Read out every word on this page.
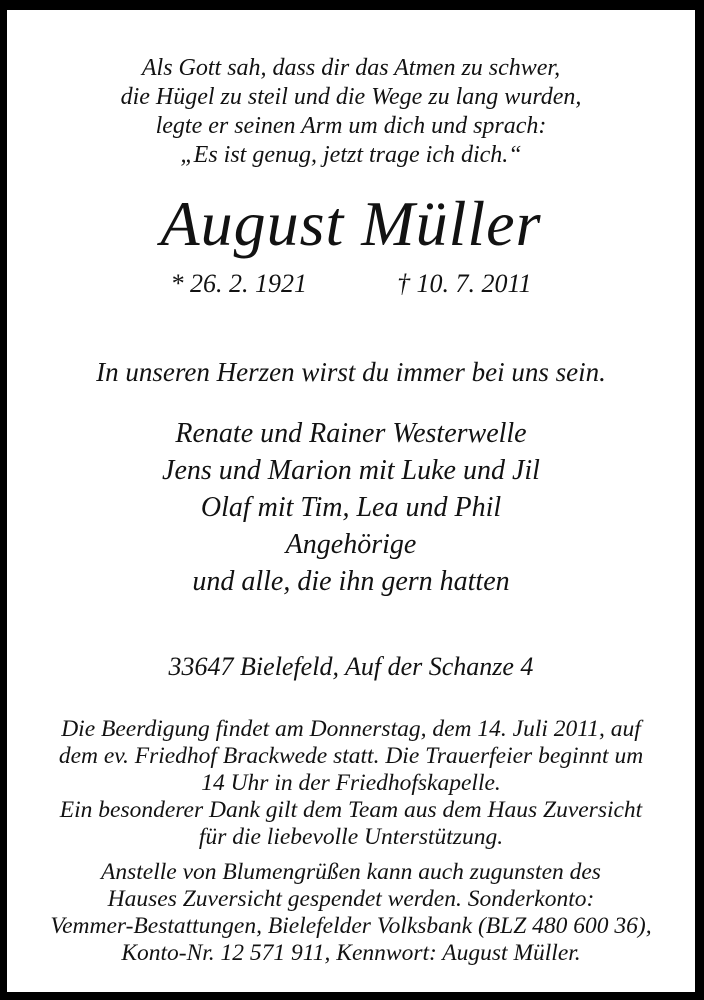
Als Gott sah, dass dir das Atmen zu schwer,
die Hügel zu steil und die Wege zu lang wurden,
legte er seinen Arm um dich und sprach:
„Es ist genug, jetzt trage ich dich.“
August Müller
* 26. 2. 1921	† 10. 7. 2011
In unseren Herzen wirst du immer bei uns sein.
Renate und Rainer Westerwelle
Jens und Marion mit Luke und Jil
Olaf mit Tim, Lea und Phil
Angehörige
und alle, die ihn gern hatten
33647 Bielefeld, Auf der Schanze 4
Die Beerdigung findet am Donnerstag, dem 14. Juli 2011, auf
dem ev. Friedhof Brackwede statt. Die Trauerfeier beginnt um
14 Uhr in der Friedhofskapelle.
Ein besonderer Dank gilt dem Team aus dem Haus Zuversicht
für die liebevolle Unterstützung.
Anstelle von Blumengrüßen kann auch zugunsten des
Hauses Zuversicht gespendet werden. Sonderkonto:
Vemmer-Bestattungen, Bielefelder Volksbank (BLZ 480 600 36),
Konto-Nr. 12 571 911, Kennwort: August Müller.
